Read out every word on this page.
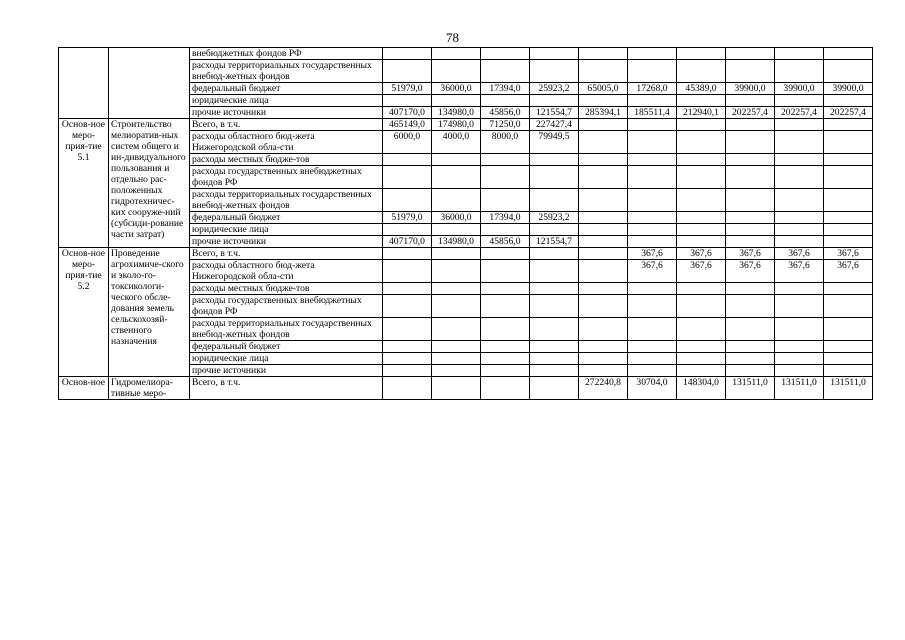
78
		внебюджетных фондов РФ										
		расходы территориальных государственных внебюд-жетных фондов										
		федеральный бюджет	51979,0	36000,0	17394,0	25923,2	65005,0	17268,0	45389,0	39900,0	39900,0	39900,0
		юридические лица										
		прочие источники	407170,0	134980,0	45856,0	121554,7	285394,1	185511,4	212940,1	202257,4	202257,4	202257,4
Основ-ное меро-прия-тие 5.1	Строительство мелиоратив-ных систем общего и ин-дивидуального пользования и отдельно рас-положенных гидротехничес-ких сооруже-ний (субсиди-рование части затрат)	Всего, в т.ч.	465149,0	174980,0	71250,0	227427,4						
		расходы областного бюд-жета Нижегородской обла-сти	6000,0	4000,0	8000,0	79949,5						
		расходы местных бюдже-тов										
		расходы государственных внебюджетных фондов РФ										
		расходы территориальных государственных внебюд-жетных фондов										
		федеральный бюджет	51979,0	36000,0	17394,0	25923,2						
		юридические лица										
		прочие источники	407170,0	134980,0	45856,0	121554,7						
Основ-ное меро-прия-тие 5.2	Проведение агрохимиче-ского и эколо-го-токсикологи-ческого обсле-дования земель сельскохозяй-ственного назначения	Всего, в т.ч.						367,6	367,6	367,6	367,6	367,6
		расходы областного бюд-жета Нижегородской обла-сти						367,6	367,6	367,6	367,6	367,6
		расходы местных бюдже-тов										
		расходы государственных внебюджетных фондов РФ										
		расходы территориальных государственных внебюд-жетных фондов										
		федеральный бюджет										
		юридические лица										
		прочие источники										
Основ-ное	Гидромелиора-тивные меро-	Всего, в т.ч.					272240,8	30704,0	148304,0	131511,0	131511,0	131511,0
